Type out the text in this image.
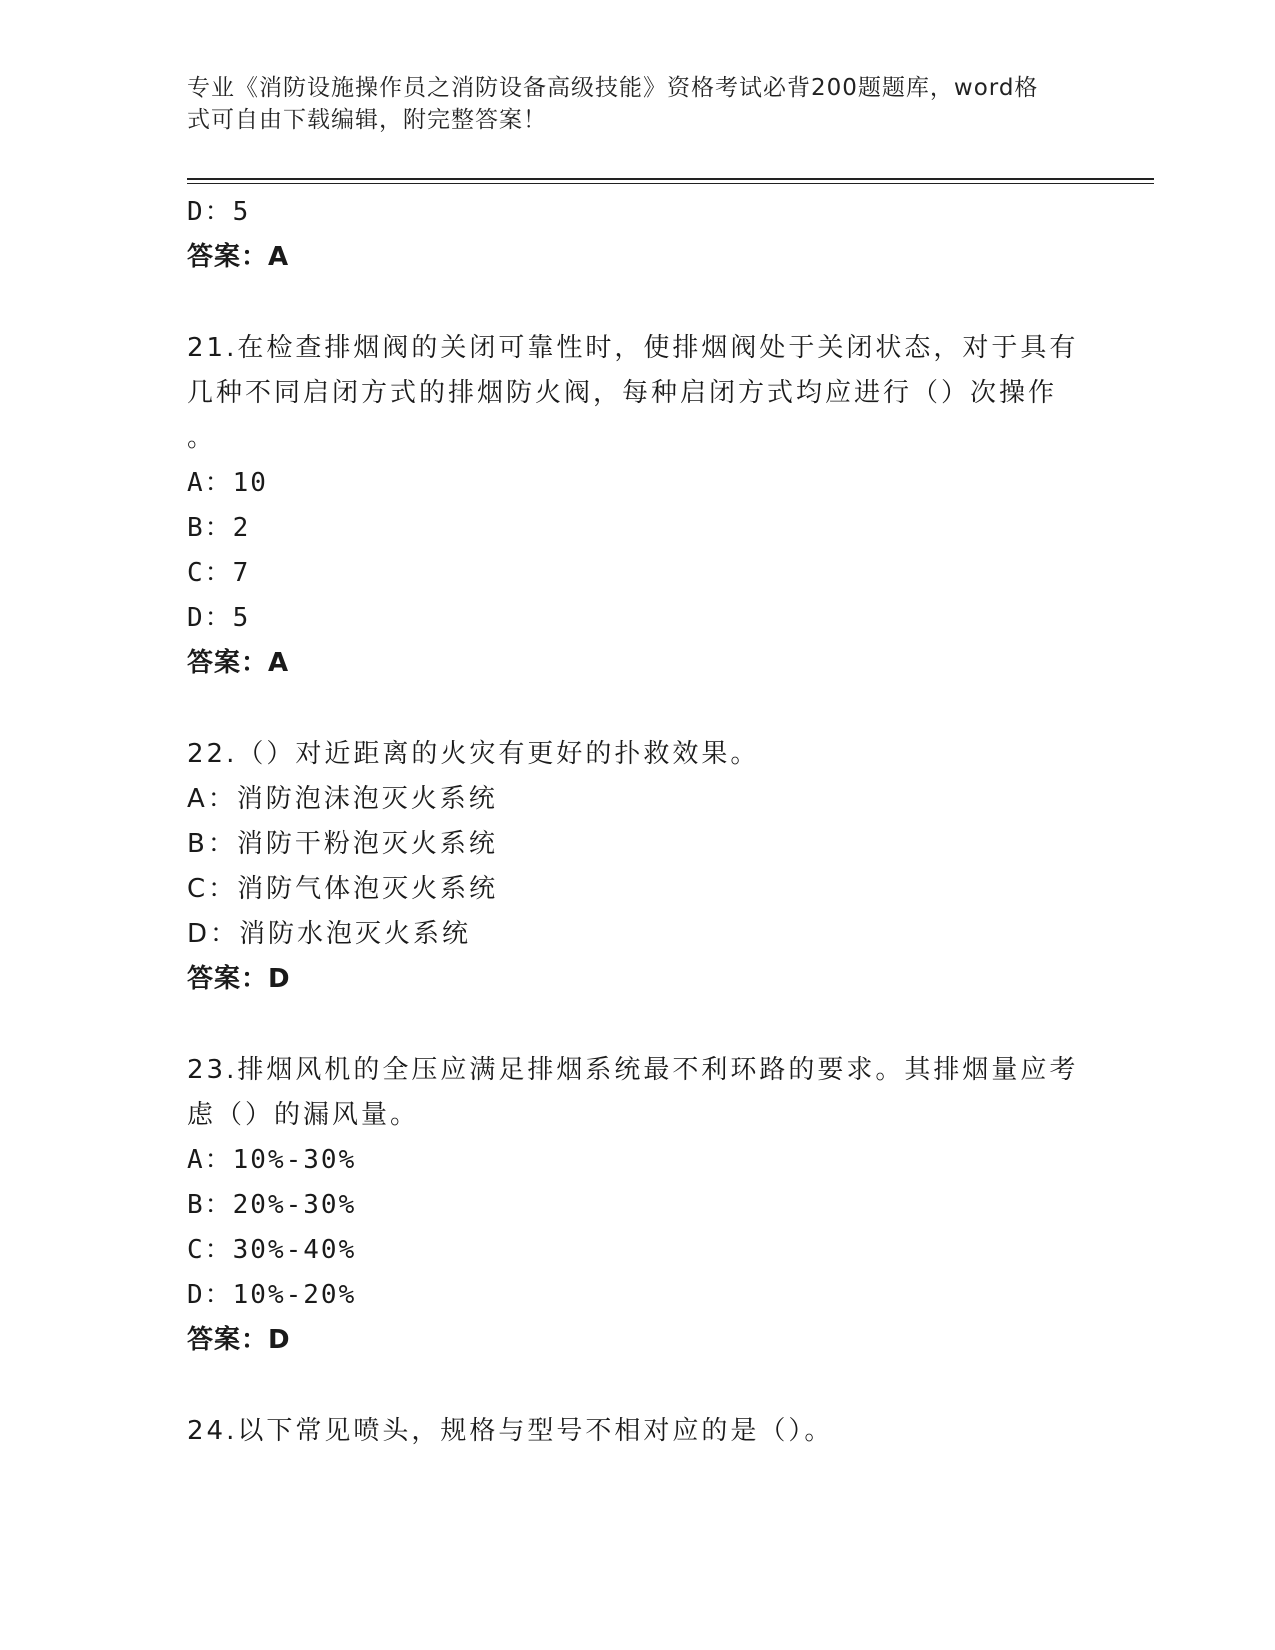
专业《消防设施操作员之消防设备高级技能》资格考试必背200题题库，word格
式可自由下载编辑，附完整答案！
D：5
答案：A
21.在检查排烟阀的关闭可靠性时，使排烟阀处于关闭状态，对于具有
几种不同启闭方式的排烟防火阀，每种启闭方式均应进行（）次操作
。
A：10
B：2
C：7
D：5
答案：A
22.（）对近距离的火灾有更好的扑救效果。
A：消防泡沫泡灭火系统
B：消防干粉泡灭火系统
C：消防气体泡灭火系统
D：消防水泡灭火系统
答案：D
23.排烟风机的全压应满足排烟系统最不利环路的要求。其排烟量应考
虑（）的漏风量。
A：10%-30%
B：20%-30%
C：30%-40%
D：10%-20%
答案：D
24.以下常见喷头，规格与型号不相对应的是（）。
